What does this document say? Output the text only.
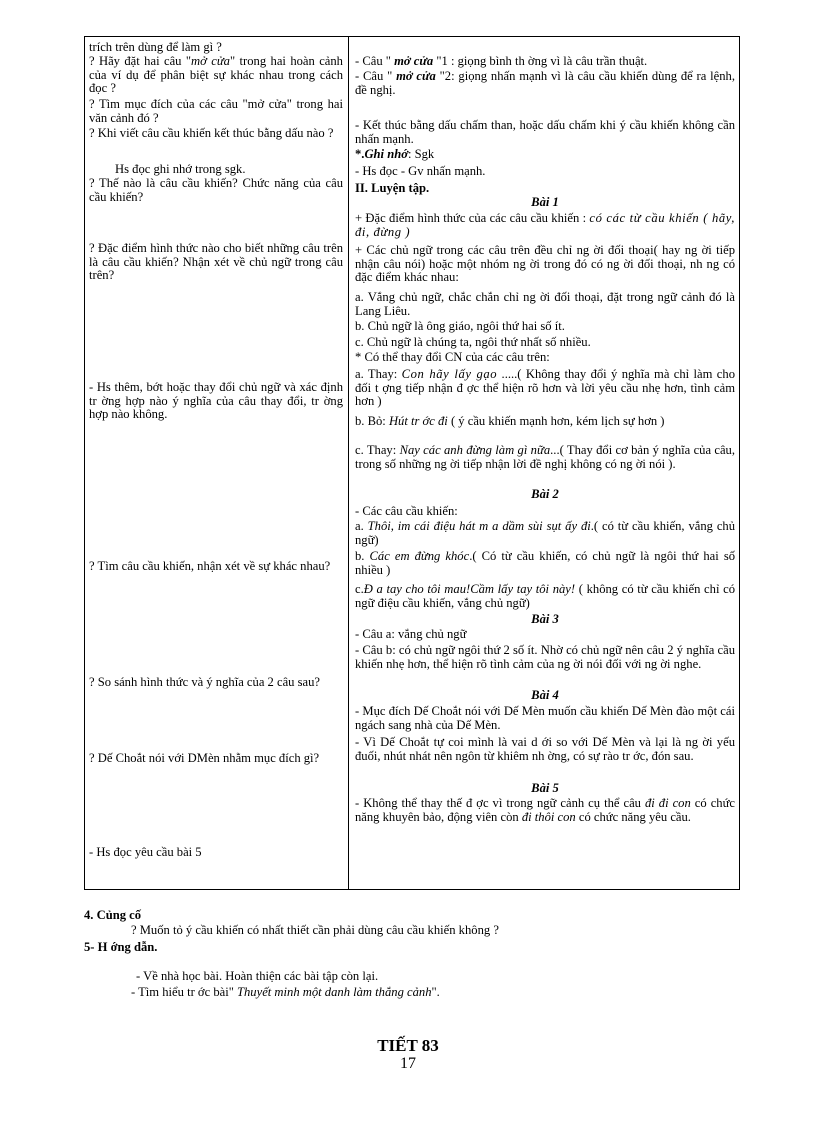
trích trên dùng để làm gì ?

? Hãy đặt hai câu "mở cửa" trong hai hoàn cảnh của ví dụ để phân biệt sự khác nhau trong cách đọc ?

? Tìm mục đích của các câu "mở cửa" trong hai văn cảnh đó ?

? Khi viết câu cầu khiến kết thúc bằng dấu nào ?

Hs đọc ghi nhớ trong sgk.

? Thế nào là câu cầu khiến? Chức năng của câu cầu khiến?

? Đặc điểm hình thức nào cho biết những câu trên là câu cầu khiến? Nhận xét về chủ ngữ trong câu trên?

- Hs thêm, bớt hoặc thay đổi chủ ngữ và xác định tr ờng hợp nào ý nghĩa của câu thay đổi, tr ờng hợp nào không.

? Tìm câu cầu khiến, nhận xét về sự khác nhau?

? So sánh hình thức và ý nghĩa của 2 câu sau?

? Dế Choắt nói với DMèn nhằm mục đích gì?

- Hs đọc yêu cầu bài 5

- Câu " mở cửa "1 : giọng bình th ờng vì là câu trần thuật.

- Câu " mở cửa "2: giọng nhấn mạnh vì là câu cầu khiến dùng để ra lệnh, đề nghị.

- Kết thúc bằng dấu chấm than, hoặc dấu chấm khi ý cầu khiến không cần nhấn mạnh.

*.Ghi nhớ: Sgk

- Hs đọc - Gv nhấn mạnh.

II. Luyện tập.

Bài 1

+ Đặc điểm hình thức của các câu cầu khiến : có các từ cầu khiến ( hãy, đi, đừng )

+ Các chủ ngữ trong các câu trên đều chỉ ng ời đối thoại( hay ng ời tiếp nhận câu nói) hoặc một nhóm ng ời trong đó có ng ời đối thoại, nh ng có đặc điểm khác nhau:

a. Vắng chủ ngữ, chắc chắn chỉ ng ời đối thoại, đặt trong ngữ cảnh đó là Lang Liêu.

b. Chủ ngữ là ông giáo, ngôi thứ hai số ít.

c. Chủ ngữ là chúng ta, ngôi thứ nhất số nhiều.

* Có thể thay đổi CN của các câu trên:

a. Thay: Con hãy lấy gạo .....( Không thay đổi ý nghĩa mà chỉ làm cho đối t ợng tiếp nhận đ ợc thể hiện rõ hơn và lời yêu cầu nhẹ hơn, tình cảm hơn )

b. Bỏ: Hút tr ớc đi ( ý cầu khiến mạnh hơn, kém lịch sự hơn )

c. Thay: Nay các anh đừng làm gì nữa...( Thay đổi cơ bản ý nghĩa của câu, trong số những ng ời tiếp nhận lời đề nghị không có ng ời nói ).

Bài 2

- Các câu cầu khiến:

a. Thôi, im cái điệu hát m a dầm sùi sụt ấy đi.( có từ cầu khiến, vắng chủ ngữ)

b. Các em đừng khóc.( Có từ cầu khiến, có chủ ngữ là ngôi thứ hai số nhiều )

c.Đ a tay cho tôi mau!Cầm lấy tay tôi này! ( không có từ cầu khiến chỉ có ngữ điệu cầu khiến, vắng chủ ngữ)

Bài 3

- Câu a: vắng chủ ngữ

- Câu b: có chủ ngữ ngôi thứ 2 số ít. Nhờ có chủ ngữ nên câu 2 ý nghĩa cầu khiến nhẹ hơn, thể hiện rõ tình cảm của ng ời nói đối với ng ời nghe.

Bài 4

- Mục đích Dế Choắt nói với Dế Mèn muốn cầu khiến Dế Mèn đào một cái ngách sang nhà của Dế Mèn.

- Vì Dế Choắt tự coi mình là vai d ới so với Dế Mèn và lại là ng ời yếu đuối, nhút nhát nên ngôn từ khiêm nh ờng, có sự rào tr ớc, đón sau.

Bài 5

- Không thể thay thế đ ợc vì trong ngữ cảnh cụ thể câu đi đi con có chức năng khuyên bảo, động viên còn đi thôi con có chức năng yêu cầu.

4. Củng cố
? Muốn tỏ ý cầu khiến có nhất thiết cần phải dùng câu cầu khiến không ?
5- H ớng dẫn.
- Về nhà học bài. Hoàn thiện các bài tập còn lại.
- Tìm hiểu tr ớc bài" Thuyết minh một danh làm thắng cảnh".
TIẾT 83
17
